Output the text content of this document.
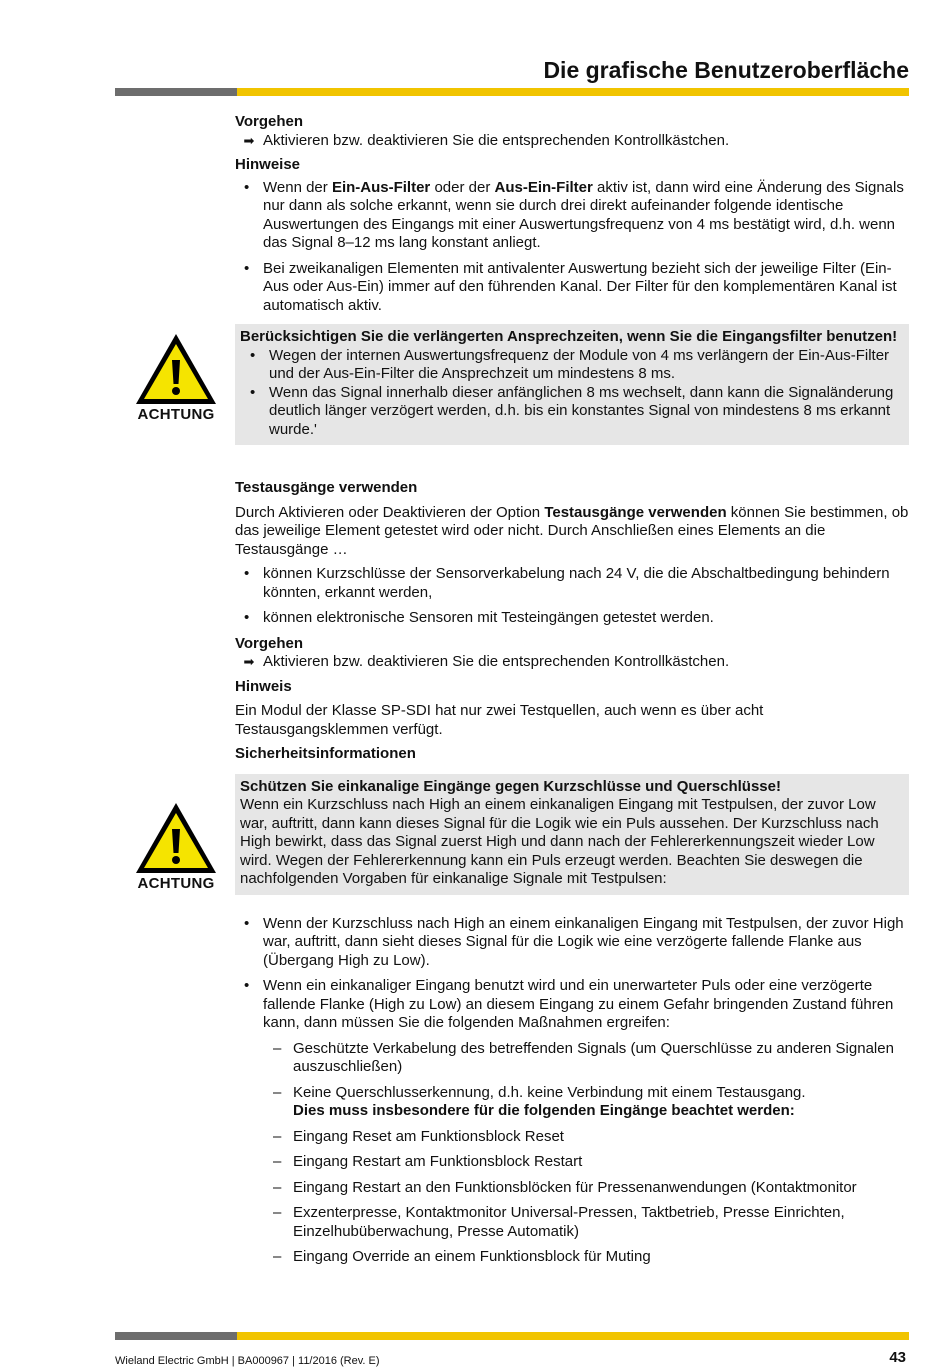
Die grafische Benutzeroberfläche
ACHTUNG
ACHTUNG

Vorgehen

➡ Aktivieren bzw. deaktivieren Sie die entsprechenden Kontrollkästchen.

Hinweise

• Wenn der Ein-Aus-Filter oder der Aus-Ein-Filter aktiv ist, dann wird eine Änderung des Signals nur dann als solche erkannt, wenn sie durch drei direkt aufeinander folgende identische Auswertungen des Eingangs mit einer Auswertungsfrequenz von 4 ms bestätigt wird, d.h. wenn das Signal 8–12 ms lang konstant anliegt.
• Bei zweikanaligen Elementen mit antivalenter Auswertung bezieht sich der jeweilige Filter (Ein-Aus oder Aus-Ein) immer auf den führenden Kanal. Der Filter für den komplementären Kanal ist automatisch aktiv.
Berücksichtigen Sie die verlängerten Ansprechzeiten, wenn Sie die Eingangsfilter benutzen!
• Wegen der internen Auswertungsfrequenz der Module von 4 ms verlängern der Ein-Aus-Filter und der Aus-Ein-Filter die Ansprechzeit um mindestens 8 ms.
• Wenn das Signal innerhalb dieser anfänglichen 8 ms wechselt, dann kann die Signaländerung deutlich länger verzögert werden, d.h. bis ein konstantes Signal von mindestens 8 ms erkannt wurde.'

Testausgänge verwenden

Durch Aktivieren oder Deaktivieren der Option Testausgänge verwenden können Sie bestimmen, ob das jeweilige Element getestet wird oder nicht. Durch Anschließen eines Elements an die Testausgänge …

• können Kurzschlüsse der Sensorverkabelung nach 24 V, die die Abschaltbedingung behindern könnten, erkannt werden,
• können elektronische Sensoren mit Testeingängen getestet werden.

Vorgehen

➡ Aktivieren bzw. deaktivieren Sie die entsprechenden Kontrollkästchen.

Hinweis

Ein Modul der Klasse SP-SDI hat nur zwei Testquellen, auch wenn es über acht Testausgangsklemmen verfügt.

Sicherheitsinformationen

Schützen Sie einkanalige Eingänge gegen Kurzschlüsse und Querschlüsse!
Wenn ein Kurzschluss nach High an einem einkanaligen Eingang mit Testpulsen, der zuvor Low war, auftritt, dann kann dieses Signal für die Logik wie ein Puls aussehen. Der Kurzschluss nach High bewirkt, dass das Signal zuerst High und dann nach der Fehlererkennungszeit wieder Low wird. Wegen der Fehlererkennung kann ein Puls erzeugt werden. Beachten Sie deswegen die nachfolgenden Vorgaben für einkanalige Signale mit Testpulsen:
• Wenn der Kurzschluss nach High an einem einkanaligen Eingang mit Testpulsen, der zuvor High war, auftritt, dann sieht dieses Signal für die Logik wie eine verzögerte fallende Flanke aus (Übergang High zu Low).
• Wenn ein einkanaliger Eingang benutzt wird und ein unerwarteter Puls oder eine verzögerte fallende Flanke (High zu Low) an diesem Eingang zu einem Gefahr bringenden Zustand führen kann, dann müssen Sie die folgenden Maßnahmen ergreifen:
– Geschützte Verkabelung des betreffenden Signals (um Querschlüsse zu anderen Signalen auszuschließen)
– Keine Querschlusserkennung, d.h. keine Verbindung mit einem Testausgang.
Dies muss insbesondere für die folgenden Eingänge beachtet werden:
– Eingang Reset am Funktionsblock Reset
– Eingang Restart am Funktionsblock Restart
– Eingang Restart an den Funktionsblöcken für Pressenanwendungen (Kontaktmonitor
– Exzenterpresse, Kontaktmonitor Universal-Pressen, Taktbetrieb, Presse Einrichten, Einzelhubüberwachung, Presse Automatik)
– Eingang Override an einem Funktionsblock für Muting
Wieland Electric GmbH | BA000967 | 11/2016 (Rev. E)	43
